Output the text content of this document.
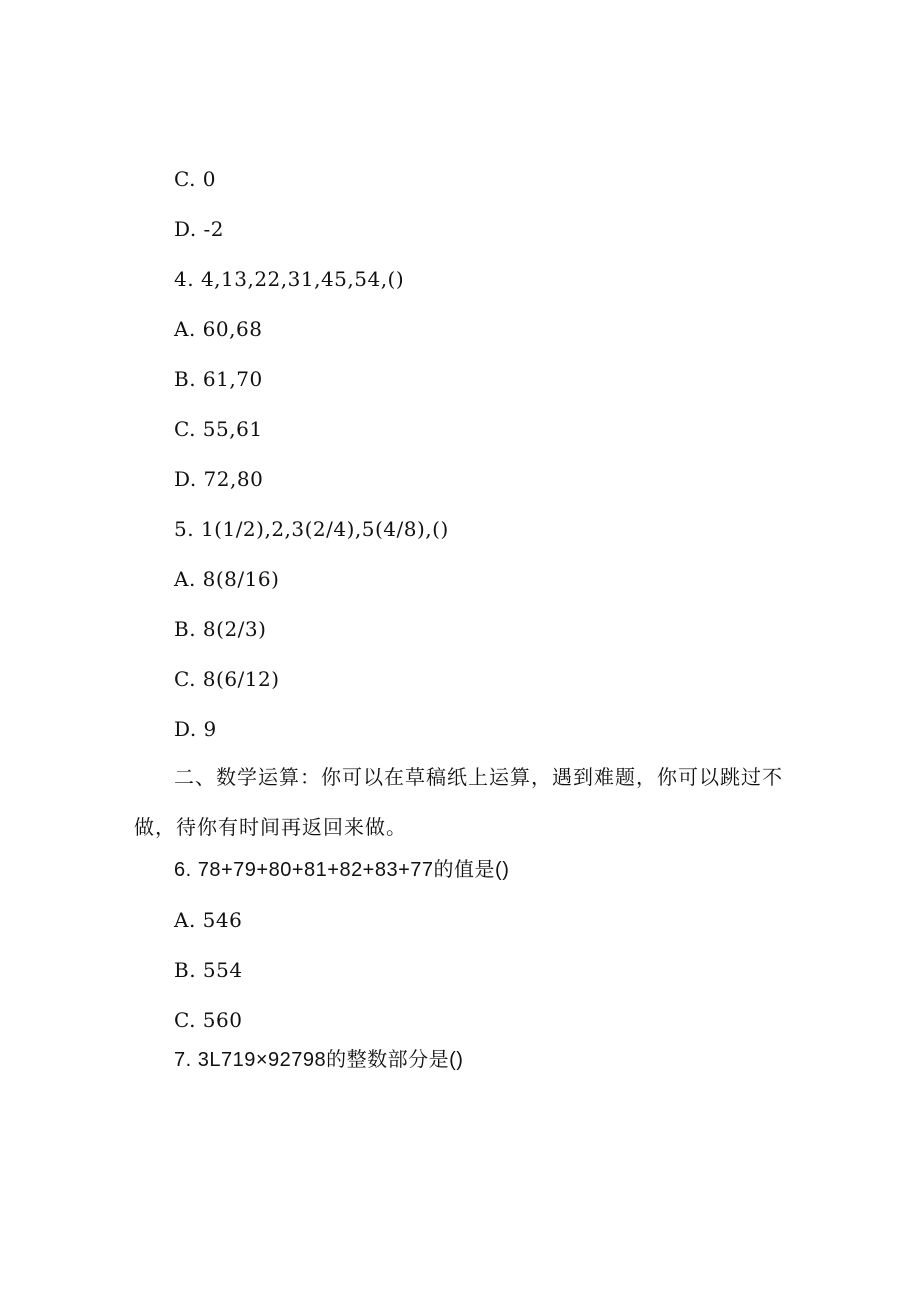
C. 0
D. -2
4. 4,13,22,31,45,54,()
A. 60,68
B. 61,70
C. 55,61
D. 72,80
5. 1(1/2),2,3(2/4),5(4/8),()
A. 8(8/16)
B. 8(2/3)
C. 8(6/12)
D. 9
二、数学运算：你可以在草稿纸上运算，遇到难题，你可以跳过不做，待你有时间再返回来做。
6. 78+79+80+81+82+83+77的值是()
A. 546
B. 554
C. 560
7. 3L719×92798的整数部分是()
